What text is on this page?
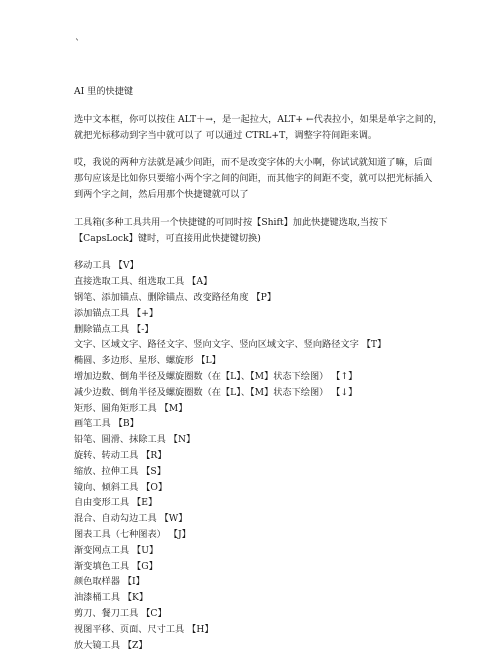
`
AI 里的快捷键
选中文本框，你可以按住 ALT＋→，是一起拉大，ALT+ ←代表拉小，如果是单字之间的，
就把光标移动到字当中就可以了 可以通过 CTRL+T，调整字符间距来调。
哎，我说的两种方法就是减少间距，而不是改变字体的大小啊，你试试就知道了嘛，后面
那句应该是比如你只要缩小两个字之间的间距，而其他字的间距不变，就可以把光标插入
到两个字之间，然后用那个快捷键就可以了
工具箱(多种工具共用一个快捷键的可同时按【Shift】加此快捷键选取,当按下
【CapsLock】键时，可直接用此快捷键切换)
移动工具 【V】
直接选取工具、组选取工具 【A】
钢笔、添加锚点、删除锚点、改变路径角度 【P】
添加锚点工具 【+】
删除锚点工具 【-】
文字、区域文字、路径文字、竖向文字、竖向区域文字、竖向路径文字 【T】
椭圆、多边形、星形、螺旋形 【L】
增加边数、倒角半径及螺旋圈数（在【L】、【M】状态下绘图） 【↑】
减少边数、倒角半径及螺旋圈数（在【L】、【M】状态下绘图） 【↓】
矩形、圆角矩形工具 【M】
画笔工具 【B】
铅笔、圆滑、抹除工具 【N】
旋转、转动工具 【R】
缩放、拉伸工具 【S】
镜向、倾斜工具 【O】
自由变形工具 【E】
混合、自动勾边工具 【W】
图表工具（七种图表） 【J】
渐变网点工具 【U】
渐变填色工具 【G】
颜色取样器 【I】
油漆桶工具 【K】
剪刀、餐刀工具 【C】
视图平移、页面、尺寸工具 【H】
放大镜工具 【Z】
